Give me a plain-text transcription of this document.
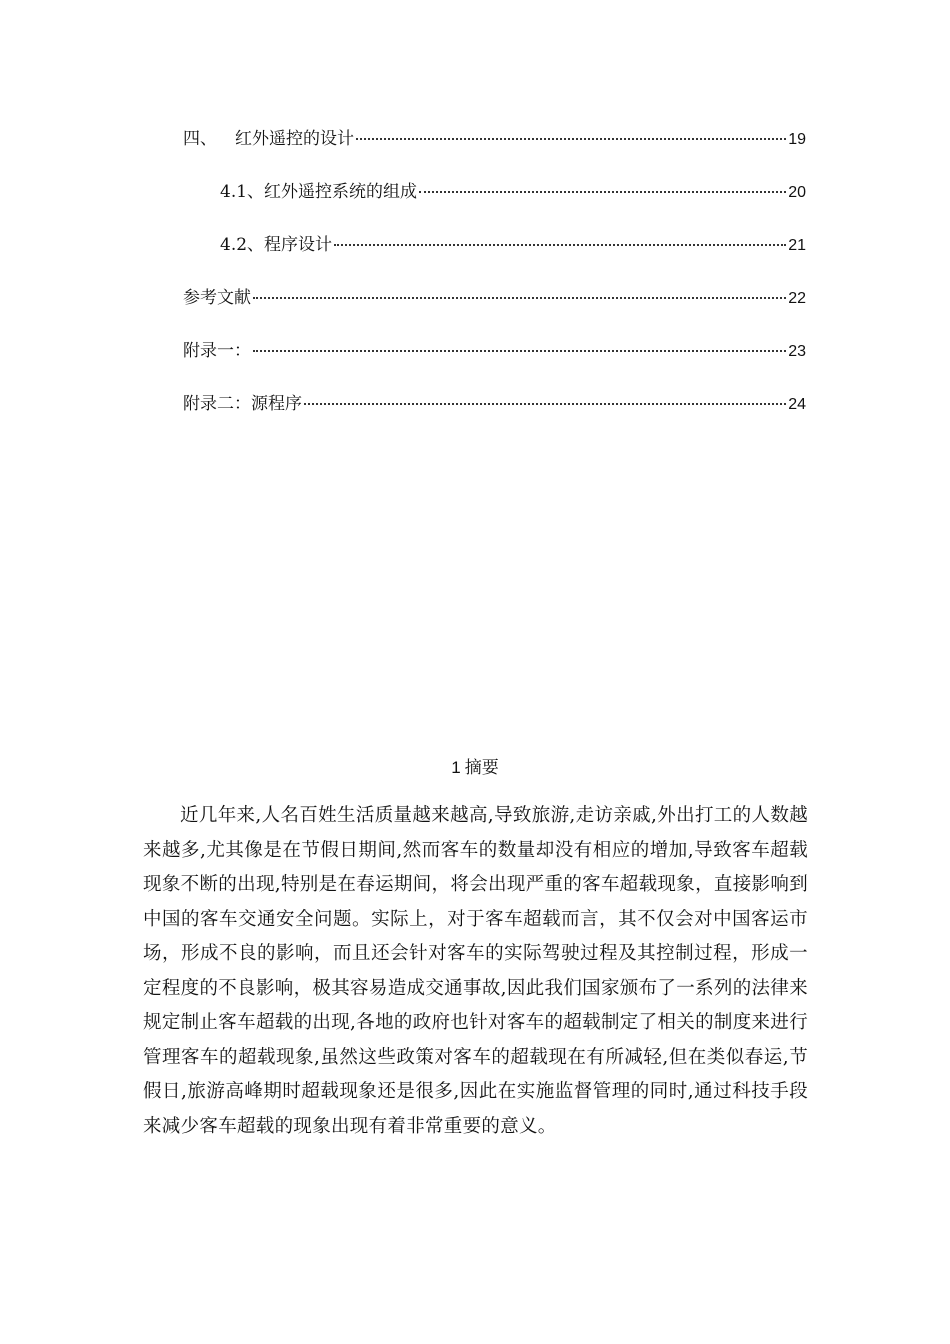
四、 红外遥控的设计	19
4.1、红外遥控系统的组成	20
4.2、程序设计	21
参考文献	22
附录一：	23
附录二：源程序	24
1 摘要

近几年来,人名百姓生活质量越来越高,导致旅游,走访亲戚,外出打工的人数越来越多,尤其像是在节假日期间,然而客车的数量却没有相应的增加,导致客车超载现象不断的出现,特别是在春运期间，将会出现严重的客车超载现象，直接影响到中国的客车交通安全问题。实际上，对于客车超载而言，其不仅会对中国客运市场，形成不良的影响，而且还会针对客车的实际驾驶过程及其控制过程，形成一定程度的不良影响，极其容易造成交通事故,因此我们国家颁布了一系列的法律来规定制止客车超载的出现,各地的政府也针对客车的超载制定了相关的制度来进行管理客车的超载现象,虽然这些政策对客车的超载现在有所减轻,但在类似春运,节假日,旅游高峰期时超载现象还是很多,因此在实施监督管理的同时,通过科技手段来减少客车超载的现象出现有着非常重要的意义。
